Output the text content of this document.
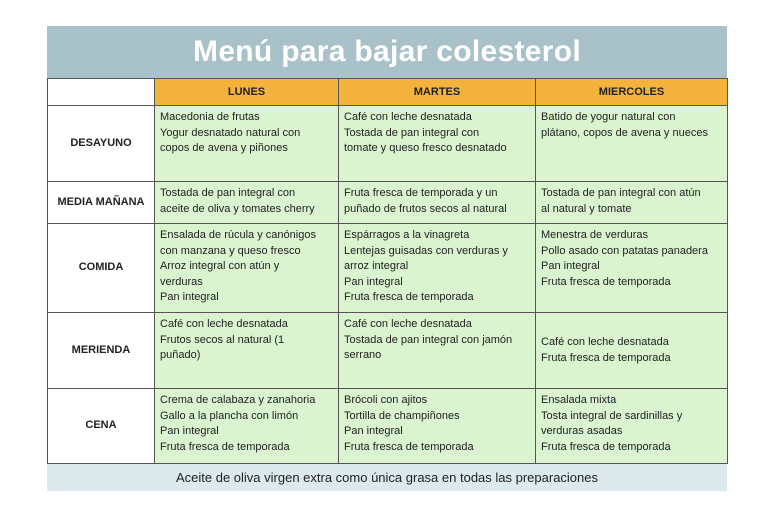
Menú para bajar colesterol
	LUNES	MARTES	MIERCOLES
DESAYUNO	Macedonia de frutas
Yogur desnatado natural con
copos de avena y piñones	Café con leche desnatada
Tostada de pan integral con
tomate y queso fresco desnatado	Batido de yogur natural con
plátano, copos de avena y nueces

MEDIA MAÑANA	Tostada de pan integral con
aceite de oliva y tomates cherry	Fruta fresca de temporada y un
puñado de frutos secos al natural	Tostada de pan integral con atún
al natural y tomate

COMIDA	Ensalada de rúcula y canónigos
con manzana y queso fresco
Arroz integral con atún y
verduras
Pan integral	Espárragos a la vinagreta
Lentejas guisadas con verduras y
arroz integral
Pan integral
Fruta fresca de temporada	Menestra de verduras
Pollo asado con patatas panadera
Pan integral
Fruta fresca de temporada

MERIENDA	Café con leche desnatada
Frutos secos al natural (1
puñado)	Café con leche desnatada
Tostada de pan integral con jamón
serrano	Café con leche desnatada
Fruta fresca de temporada

CENA	Crema de calabaza y zanahoria
Gallo a la plancha con limón
Pan integral
Fruta fresca de temporada	Brócoli con ajitos
Tortilla de champiñones
Pan integral
Fruta fresca de temporada	Ensalada mixta
Tosta integral de sardinillas y
verduras asadas
Fruta fresca de temporada
Aceite de oliva virgen extra como única grasa en todas las preparaciones
